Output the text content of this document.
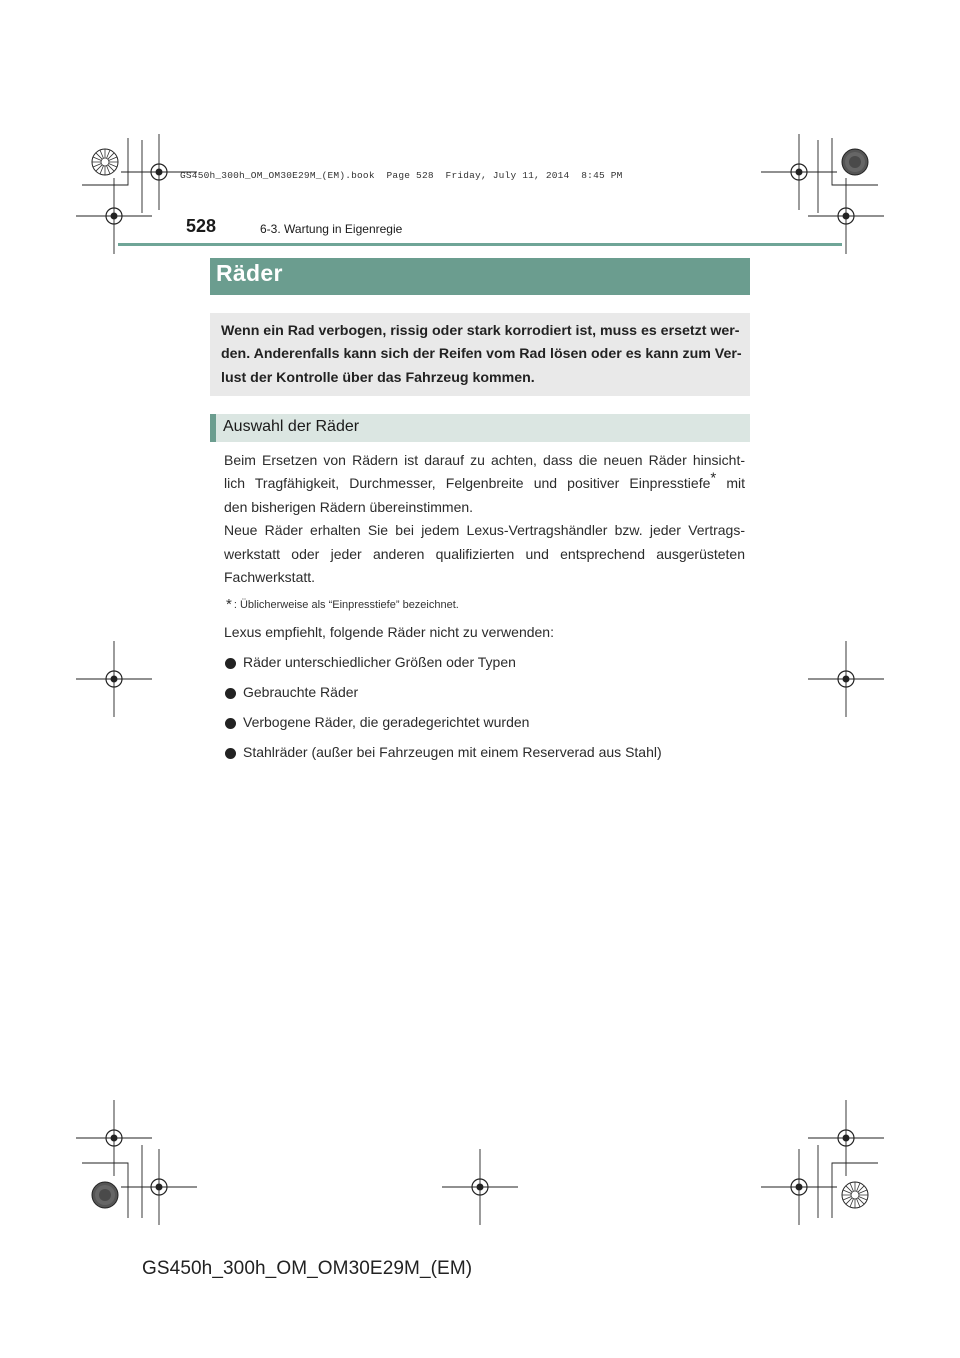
GS450h_300h_OM_OM30E29M_(EM).book  Page 528  Friday, July 11, 2014  8:45 PM
528	6-3. Wartung in Eigenregie
Räder
Wenn ein Rad verbogen, rissig oder stark korrodiert ist, muss es ersetzt wer-
den. Anderenfalls kann sich der Reifen vom Rad lösen oder es kann zum Ver-
lust der Kontrolle über das Fahrzeug kommen.
Auswahl der Räder
Beim Ersetzen von Rädern ist darauf zu achten, dass die neuen Räder hinsicht-
lich Tragfähigkeit, Durchmesser, Felgenbreite und positiver Einpresstiefe* mit
den bisherigen Rädern übereinstimmen.
Neue Räder erhalten Sie bei jedem Lexus-Vertragshändler bzw. jeder Vertrags-
werkstatt oder jeder anderen qualifizierten und entsprechend ausgerüsteten
Fachwerkstatt.
* : Üblicherweise als “Einpresstiefe” bezeichnet.
Lexus empfiehlt, folgende Räder nicht zu verwenden:
Räder unterschiedlicher Größen oder Typen
Gebrauchte Räder
Verbogene Räder, die geradegerichtet wurden
Stahlräder (außer bei Fahrzeugen mit einem Reserverad aus Stahl)
GS450h_300h_OM_OM30E29M_(EM)
